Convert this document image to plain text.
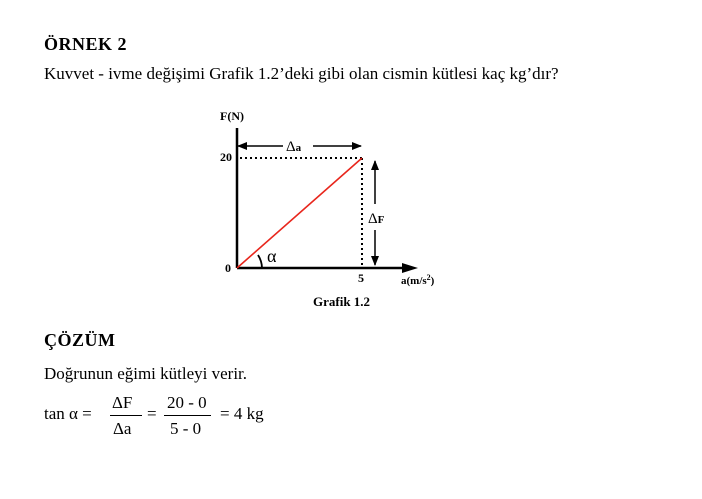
ÖRNEK 2
Kuvvet - ivme değişimi Grafik 1.2’deki gibi olan cismin kütlesi kaç kg’dır?
F(N)
$a(m/s^2)$
0
20
5
Δa
ΔF
α
Grafik 1.2
ÇÖZÜM
Doğrunun eğimi kütleyi verir.
tan α =
ΔF
Δa
=
20 - 0
5 - 0
= 4 kg
